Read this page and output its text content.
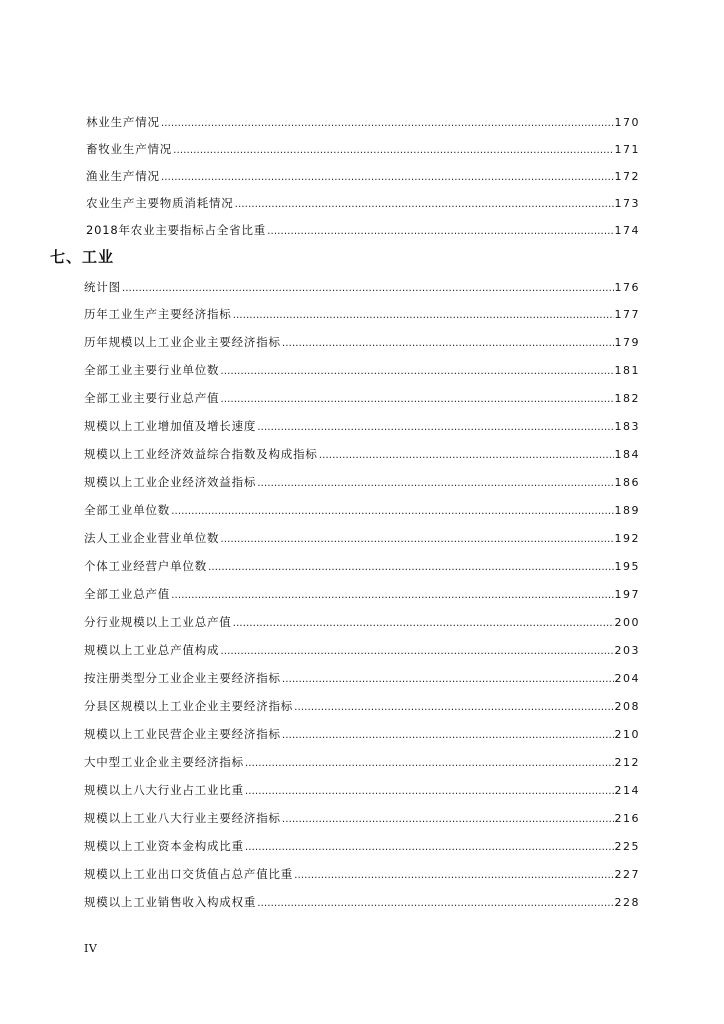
林业生产情况 ……………………………………………………………………………………………………………………………………………………………………………………………………………………………………………………	170
畜牧业生产情况 ……………………………………………………………………………………………………………………………………………………………………………………………………………………………………………………	171
渔业生产情况 ……………………………………………………………………………………………………………………………………………………………………………………………………………………………………………………	172
农业生产主要物质消耗情况 ……………………………………………………………………………………………………………………………………………………………………………………………………………………………………………………	173
2018年农业主要指标占全省比重 ……………………………………………………………………………………………………………………………………………………………………………………………………………………………………………………	174
七、工业
统计图 ……………………………………………………………………………………………………………………………………………………………………………………………………………………………………………………	176
历年工业生产主要经济指标 ……………………………………………………………………………………………………………………………………………………………………………………………………………………………………………………	177
历年规模以上工业企业主要经济指标 ……………………………………………………………………………………………………………………………………………………………………………………………………………………………………………………	179
全部工业主要行业单位数 ……………………………………………………………………………………………………………………………………………………………………………………………………………………………………………………	181
全部工业主要行业总产值 ……………………………………………………………………………………………………………………………………………………………………………………………………………………………………………………	182
规模以上工业增加值及增长速度 ……………………………………………………………………………………………………………………………………………………………………………………………………………………………………………………	183
规模以上工业经济效益综合指数及构成指标 ……………………………………………………………………………………………………………………………………………………………………………………………………………………………………………………	184
规模以上工业企业经济效益指标 ……………………………………………………………………………………………………………………………………………………………………………………………………………………………………………………	186
全部工业单位数 ……………………………………………………………………………………………………………………………………………………………………………………………………………………………………………………	189
法人工业企业营业单位数 ……………………………………………………………………………………………………………………………………………………………………………………………………………………………………………………	192
个体工业经营户单位数 ……………………………………………………………………………………………………………………………………………………………………………………………………………………………………………………	195
全部工业总产值 ……………………………………………………………………………………………………………………………………………………………………………………………………………………………………………………	197
分行业规模以上工业总产值 ……………………………………………………………………………………………………………………………………………………………………………………………………………………………………………………	200
规模以上工业总产值构成 ……………………………………………………………………………………………………………………………………………………………………………………………………………………………………………………	203
按注册类型分工业企业主要经济指标 ……………………………………………………………………………………………………………………………………………………………………………………………………………………………………………………	204
分县区规模以上工业企业主要经济指标 ……………………………………………………………………………………………………………………………………………………………………………………………………………………………………………………	208
规模以上工业民营企业主要经济指标 ……………………………………………………………………………………………………………………………………………………………………………………………………………………………………………………	210
大中型工业企业主要经济指标 ……………………………………………………………………………………………………………………………………………………………………………………………………………………………………………………	212
规模以上八大行业占工业比重 ……………………………………………………………………………………………………………………………………………………………………………………………………………………………………………………	214
规模以上工业八大行业主要经济指标 ……………………………………………………………………………………………………………………………………………………………………………………………………………………………………………………	216
规模以上工业资本金构成比重 ……………………………………………………………………………………………………………………………………………………………………………………………………………………………………………………	225
规模以上工业出口交货值占总产值比重 ……………………………………………………………………………………………………………………………………………………………………………………………………………………………………………………	227
规模以上工业销售收入构成权重 ……………………………………………………………………………………………………………………………………………………………………………………………………………………………………………………	228
IV
